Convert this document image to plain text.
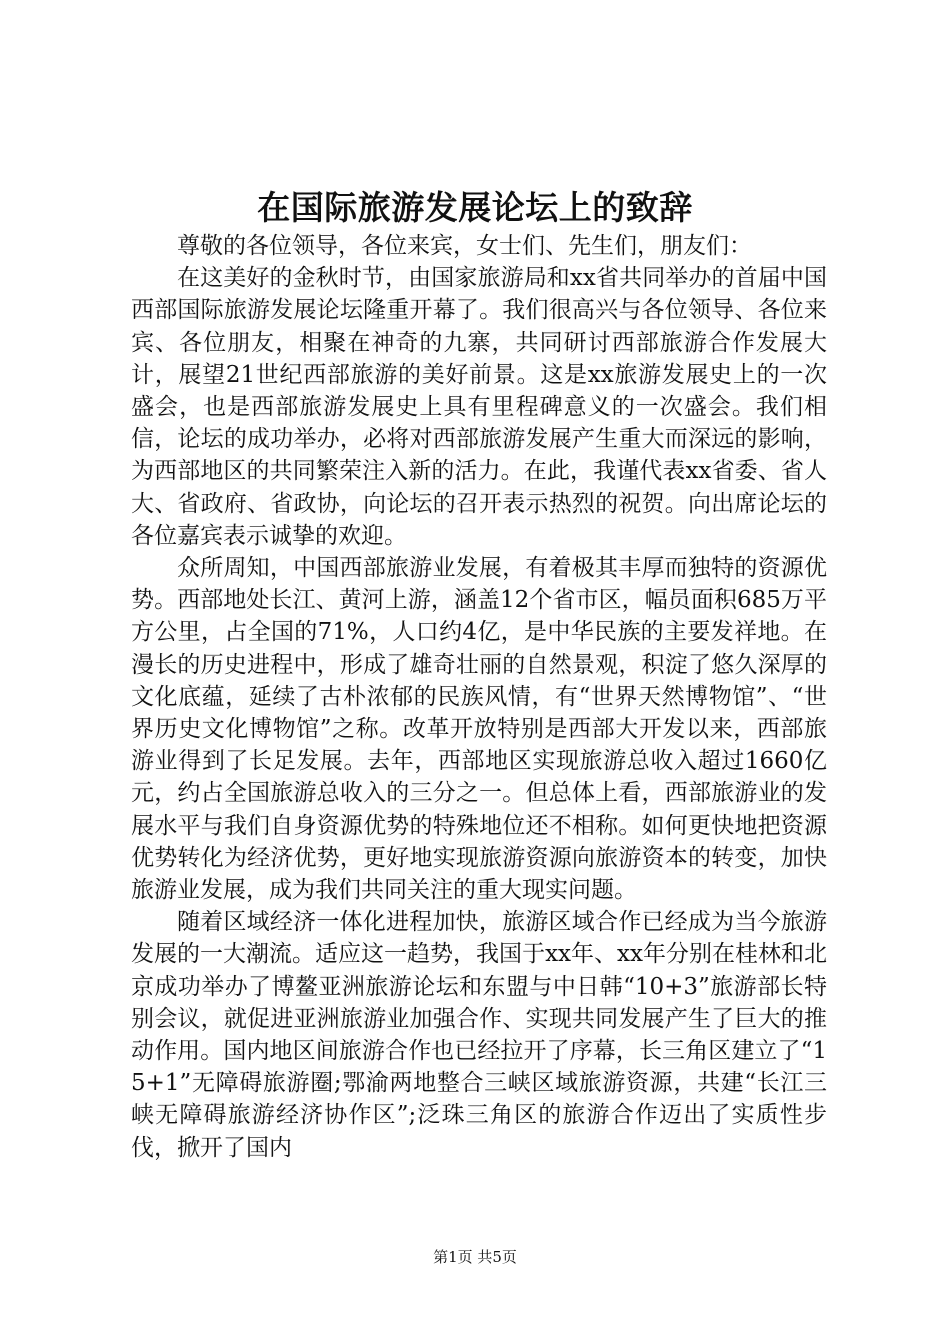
在国际旅游发展论坛上的致辞

尊敬的各位领导，各位来宾，女士们、先生们，朋友们：

在这美好的金秋时节，由国家旅游局和xx省共同举办的首届中国西部国际旅游发展论坛隆重开幕了。我们很高兴与各位领导、各位来宾、各位朋友，相聚在神奇的九寨，共同研讨西部旅游合作发展大计，展望21世纪西部旅游的美好前景。这是xx旅游发展史上的一次盛会，也是西部旅游发展史上具有里程碑意义的一次盛会。我们相信，论坛的成功举办，必将对西部旅游发展产生重大而深远的影响，为西部地区的共同繁荣注入新的活力。在此，我谨代表xx省委、省人大、省政府、省政协，向论坛的召开表示热烈的祝贺。向出席论坛的各位嘉宾表示诚挚的欢迎。

众所周知，中国西部旅游业发展，有着极其丰厚而独特的资源优势。西部地处长江、黄河上游，涵盖12个省市区，幅员面积685万平方公里，占全国的71%，人口约4亿，是中华民族的主要发祥地。在漫长的历史进程中，形成了雄奇壮丽的自然景观，积淀了悠久深厚的文化底蕴，延续了古朴浓郁的民族风情，有“世界天然博物馆”、“世界历史文化博物馆”之称。改革开放特别是西部大开发以来，西部旅游业得到了长足发展。去年，西部地区实现旅游总收入超过1660亿元，约占全国旅游总收入的三分之一。但总体上看，西部旅游业的发展水平与我们自身资源优势的特殊地位还不相称。如何更快地把资源优势转化为经济优势，更好地实现旅游资源向旅游资本的转变，加快旅游业发展，成为我们共同关注的重大现实问题。

随着区域经济一体化进程加快，旅游区域合作已经成为当今旅游发展的一大潮流。适应这一趋势，我国于xx年、xx年分别在桂林和北京成功举办了博鳌亚洲旅游论坛和东盟与中日韩“10+3”旅游部长特别会议，就促进亚洲旅游业加强合作、实现共同发展产生了巨大的推动作用。国内地区间旅游合作也已经拉开了序幕，长三角区建立了“15+1”无障碍旅游圈;鄂渝两地整合三峡区域旅游资源，共建“长江三峡无障碍旅游经济协作区”;泛珠三角区的旅游合作迈出了实质性步伐，掀开了国内

第1页 共5页
